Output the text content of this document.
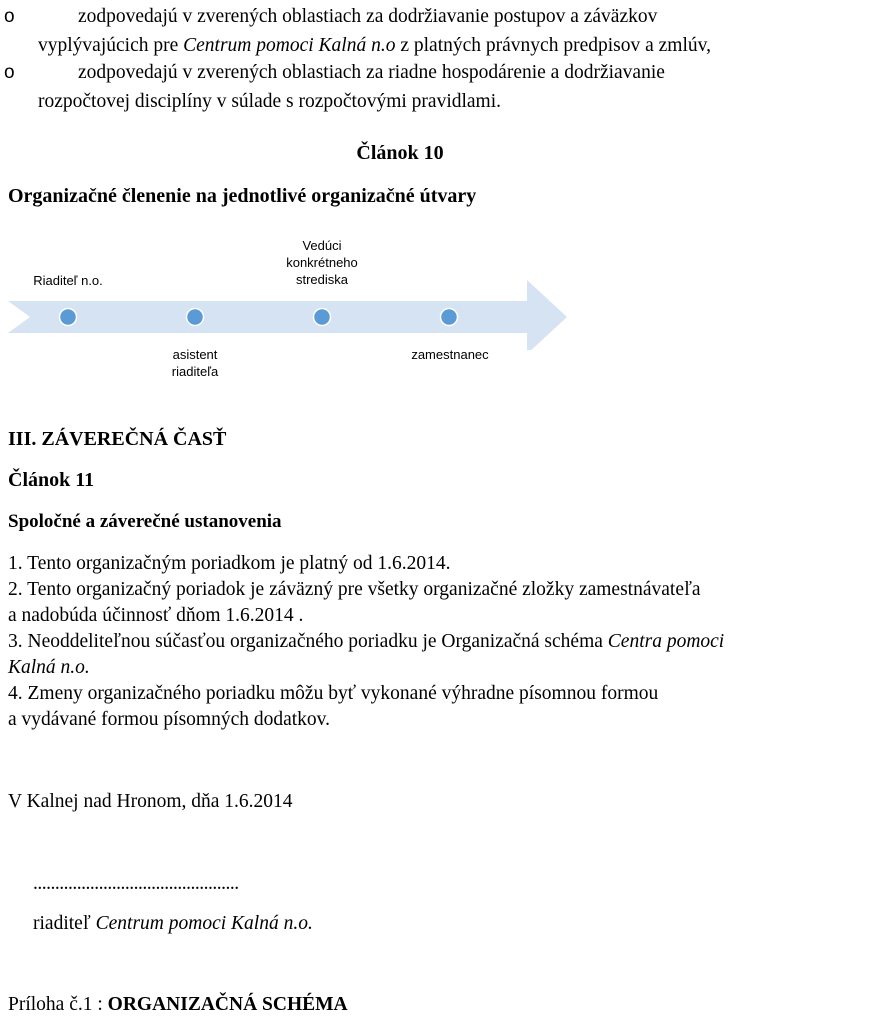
o	zodpovedajú v zverených oblastiach za dodržiavanie postupov a záväzkov
vyplývajúcich pre Centrum pomoci Kalná n.o z platných právnych predpisov a zmlúv,
o	zodpovedajú v zverených oblastiach za riadne hospodárenie a dodržiavanie
rozpočtovej disciplíny v súlade s rozpočtovými pravidlami.
Článok 10
Organizačné členenie na jednotlivé organizačné útvary
Riaditeľ n.o.
Vedúci konkrétneho strediska
asistent riaditeľa
zamestnanec
III. ZÁVEREČNÁ ČASŤ
Článok 11
Spoločné a záverečné ustanovenia
1. Tento organizačným poriadkom je platný od 1.6.2014.
2. Tento organizačný poriadok je záväzný pre všetky organizačné zložky zamestnávateľa
a nadobúda účinnosť dňom 1.6.2014 .
3. Neoddeliteľnou súčasťou organizačného poriadku je Organizačná schéma Centra pomoci
Kalná n.o.
4. Zmeny organizačného poriadku môžu byť vykonané výhradne písomnou formou
a vydávané formou písomných dodatkov.
V Kalnej nad Hronom, dňa 1.6.2014
...............................................
riaditeľ Centrum pomoci Kalná n.o.
Príloha č.1 : ORGANIZAČNÁ SCHÉMA
